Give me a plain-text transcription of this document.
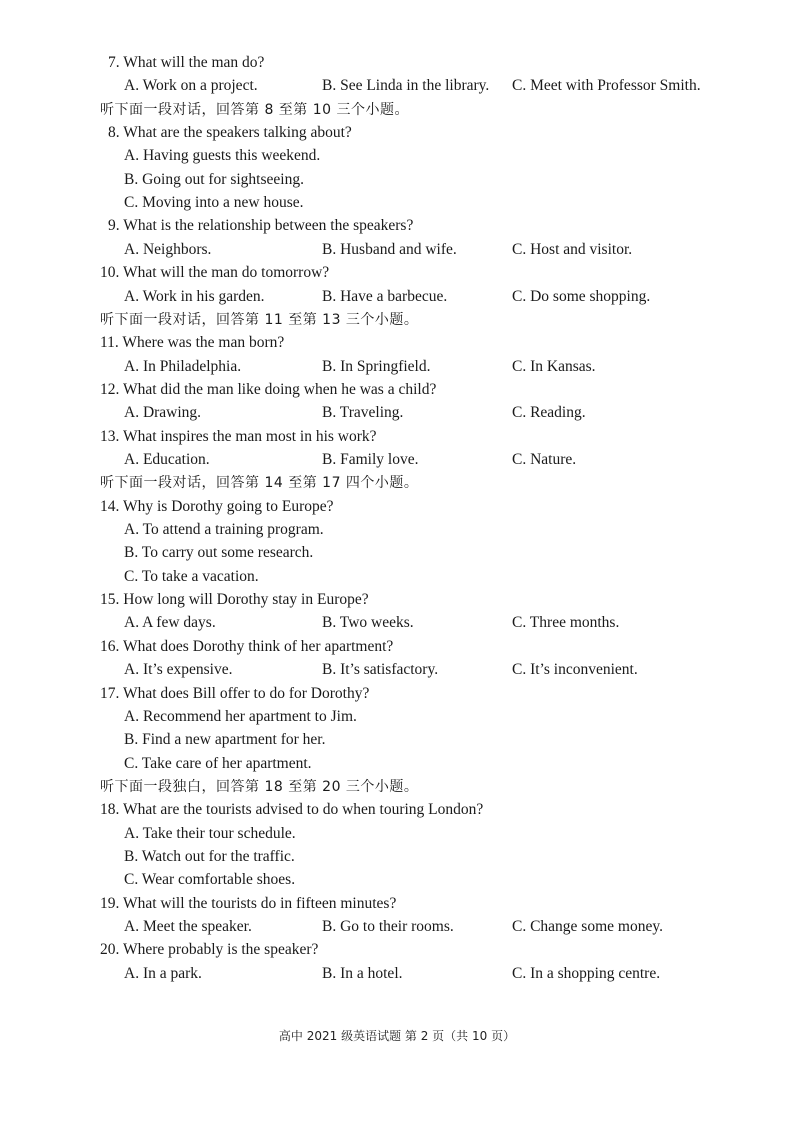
7. What will the man do?
A. Work on a project.	B. See Linda in the library. C. Meet with Professor Smith.
听下面一段对话，回答第 8 至第 10 三个小题。
8. What are the speakers talking about?
A. Having guests this weekend.
B. Going out for sightseeing.
C. Moving into a new house.
9. What is the relationship between the speakers?
A. Neighbors.	B. Husband and wife.	C. Host and visitor.
10. What will the man do tomorrow?
A. Work in his garden.	B. Have a barbecue.	C. Do some shopping.
听下面一段对话，回答第 11 至第 13 三个小题。
11. Where was the man born?
A. In Philadelphia.	B. In Springfield.	C. In Kansas.
12. What did the man like doing when he was a child?
A. Drawing.	B. Traveling.	C. Reading.
13. What inspires the man most in his work?
A. Education.	B. Family love.	C. Nature.
听下面一段对话，回答第 14 至第 17 四个小题。
14. Why is Dorothy going to Europe?
A. To attend a training program.
B. To carry out some research.
C. To take a vacation.
15. How long will Dorothy stay in Europe?
A. A few days.	B. Two weeks.	C. Three months.
16. What does Dorothy think of her apartment?
A. It’s expensive.	B. It’s satisfactory.	C. It’s inconvenient.
17. What does Bill offer to do for Dorothy?
A. Recommend her apartment to Jim.
B. Find a new apartment for her.
C. Take care of her apartment.
听下面一段独白，回答第 18 至第 20 三个小题。
18. What are the tourists advised to do when touring London?
A. Take their tour schedule.
B. Watch out for the traffic.
C. Wear comfortable shoes.
19. What will the tourists do in fifteen minutes?
A. Meet the speaker.	B. Go to their rooms.	C. Change some money.
20. Where probably is the speaker?
A. In a park.	B. In a hotel.	C. In a shopping centre.
高中 2021 级英语试题 第 2 页（共 10 页）
